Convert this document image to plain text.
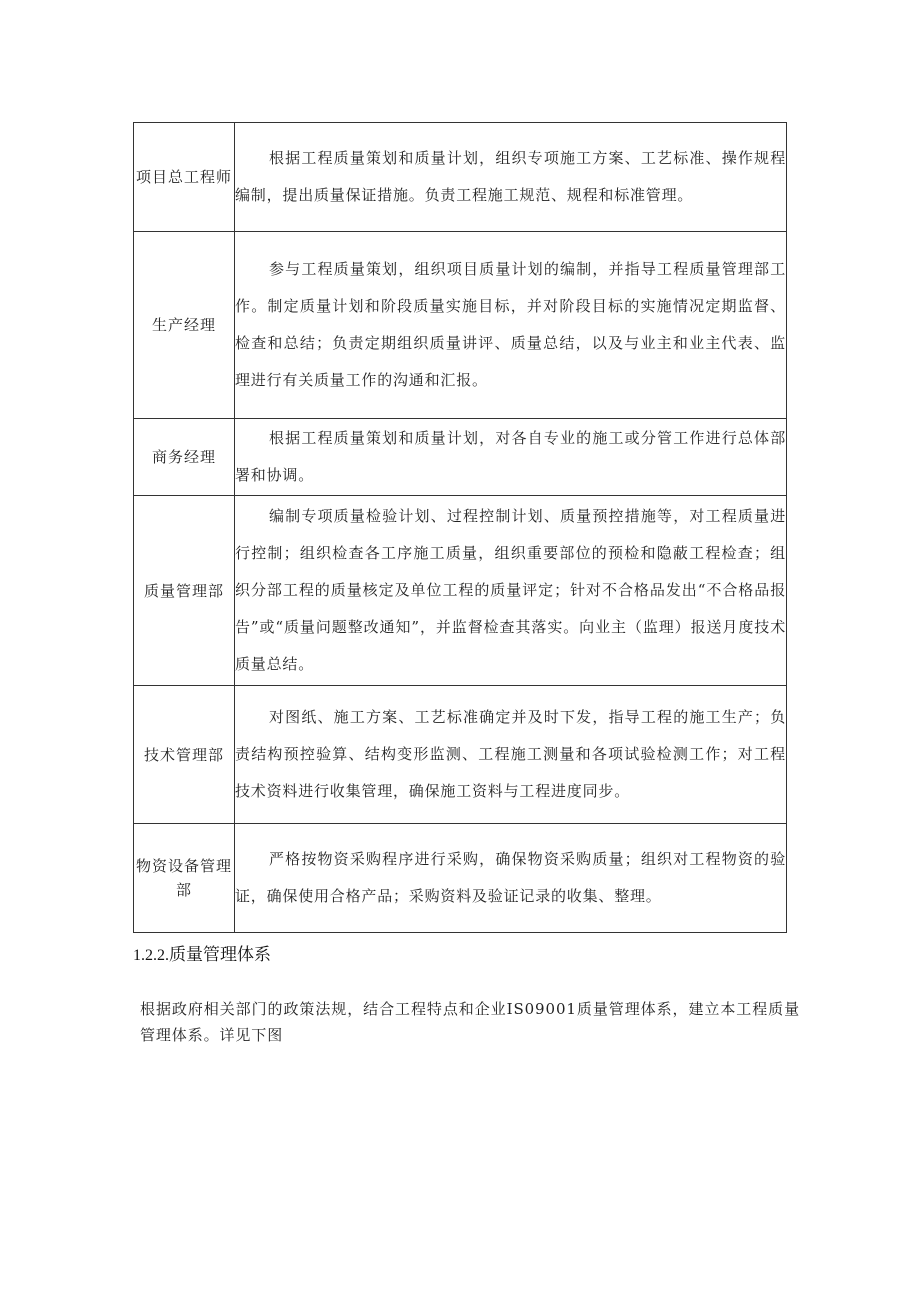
项目总工程师	根据工程质量策划和质量计划，组织专项施工方案、工艺标准、操作规程编制，提出质量保证措施。负责工程施工规范、规程和标准管理。

生产经理	参与工程质量策划，组织项目质量计划的编制，并指导工程质量管理部工作。制定质量计划和阶段质量实施目标，并对阶段目标的实施情况定期监督、检查和总结；负责定期组织质量讲评、质量总结，以及与业主和业主代表、监理进行有关质量工作的沟通和汇报。

商务经理	根据工程质量策划和质量计划，对各自专业的施工或分管工作进行总体部署和协调。

质量管理部	编制专项质量检验计划、过程控制计划、质量预控措施等，对工程质量进行控制；组织检查各工序施工质量，组织重要部位的预检和隐蔽工程检查；组织分部工程的质量核定及单位工程的质量评定；针对不合格品发出“不合格品报告”或“质量问题整改通知”，并监督检查其落实。向业主（监理）报送月度技术质量总结。

技术管理部	对图纸、施工方案、工艺标准确定并及时下发，指导工程的施工生产；负责结构预控验算、结构变形监测、工程施工测量和各项试验检测工作；对工程技术资料进行收集管理，确保施工资料与工程进度同步。

物资设备管理部	严格按物资采购程序进行采购，确保物资采购质量；组织对工程物资的验证，确保使用合格产品；采购资料及验证记录的收集、整理。
1.2.2.质量管理体系
根据政府相关部门的政策法规，结合工程特点和企业IS09001质量管理体系，建立本工程质量管理体系。详见下图
